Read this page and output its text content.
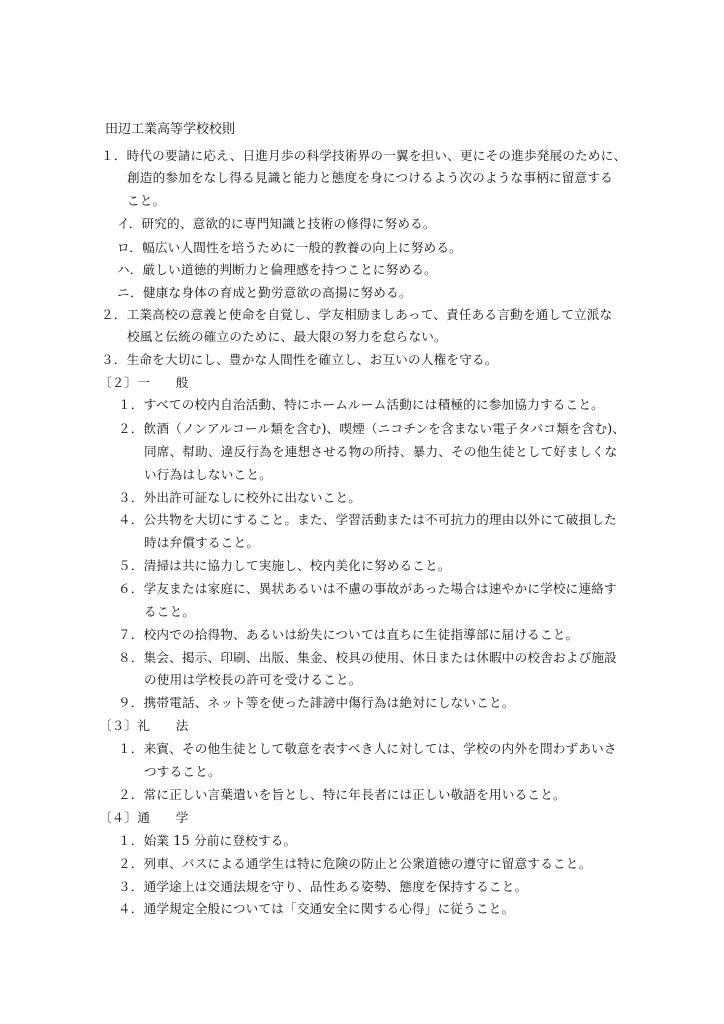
田辺工業高等学校校則
１．時代の要請に応え、日進月歩の科学技術界の一翼を担い、更にその進歩発展のために、
創造的参加をなし得る見識と能力と態度を身につけるよう次のような事柄に留意する
こと。
イ．研究的、意欲的に専門知識と技術の修得に努める。
ロ．幅広い人間性を培うために一般的教養の向上に努める。
ハ．厳しい道徳的判断力と倫理感を持つことに努める。
ニ．健康な身体の育成と勤労意欲の高揚に努める。
２．工業高校の意義と使命を自覚し、学友相励ましあって、責任ある言動を通して立派な
校風と伝統の確立のために、最大限の努力を怠らない。
３．生命を大切にし、豊かな人間性を確立し、お互いの人権を守る。
〔２〕一　　般
１．すべての校内自治活動、特にホームルーム活動には積極的に参加協力すること。
２．飲酒（ノンアルコール類を含む)、喫煙（ニコチンを含まない電子タバコ類を含む)、
同席、幇助、違反行為を連想させる物の所持、暴力、その他生徒として好ましくな
い行為はしないこと。
３．外出許可証なしに校外に出ないこと。
４．公共物を大切にすること。また、学習活動または不可抗力的理由以外にて破損した
時は弁償すること。
５．清掃は共に協力して実施し、校内美化に努めること。
６．学友または家庭に、異状あるいは不慮の事故があった場合は速やかに学校に連絡す
ること。
７．校内での拾得物、あるいは紛失については直ちに生徒指導部に届けること。
８．集会、掲示、印刷、出版、集金、校具の使用、休日または休暇中の校舎および施設
の使用は学校長の許可を受けること。
９．携帯電話、ネット等を使った誹謗中傷行為は絶対にしないこと。
〔３〕礼　　法
１．来賓、その他生徒として敬意を表すべき人に対しては、学校の内外を問わずあいさ
つすること。
２．常に正しい言葉遣いを旨とし、特に年長者には正しい敬語を用いること。
〔４〕通　　学
１．始業 15 分前に登校する。
２．列車、バスによる通学生は特に危険の防止と公衆道徳の遵守に留意すること。
３．通学途上は交通法規を守り、品性ある姿勢、態度を保持すること。
４．通学規定全般については「交通安全に関する心得」に従うこと。
